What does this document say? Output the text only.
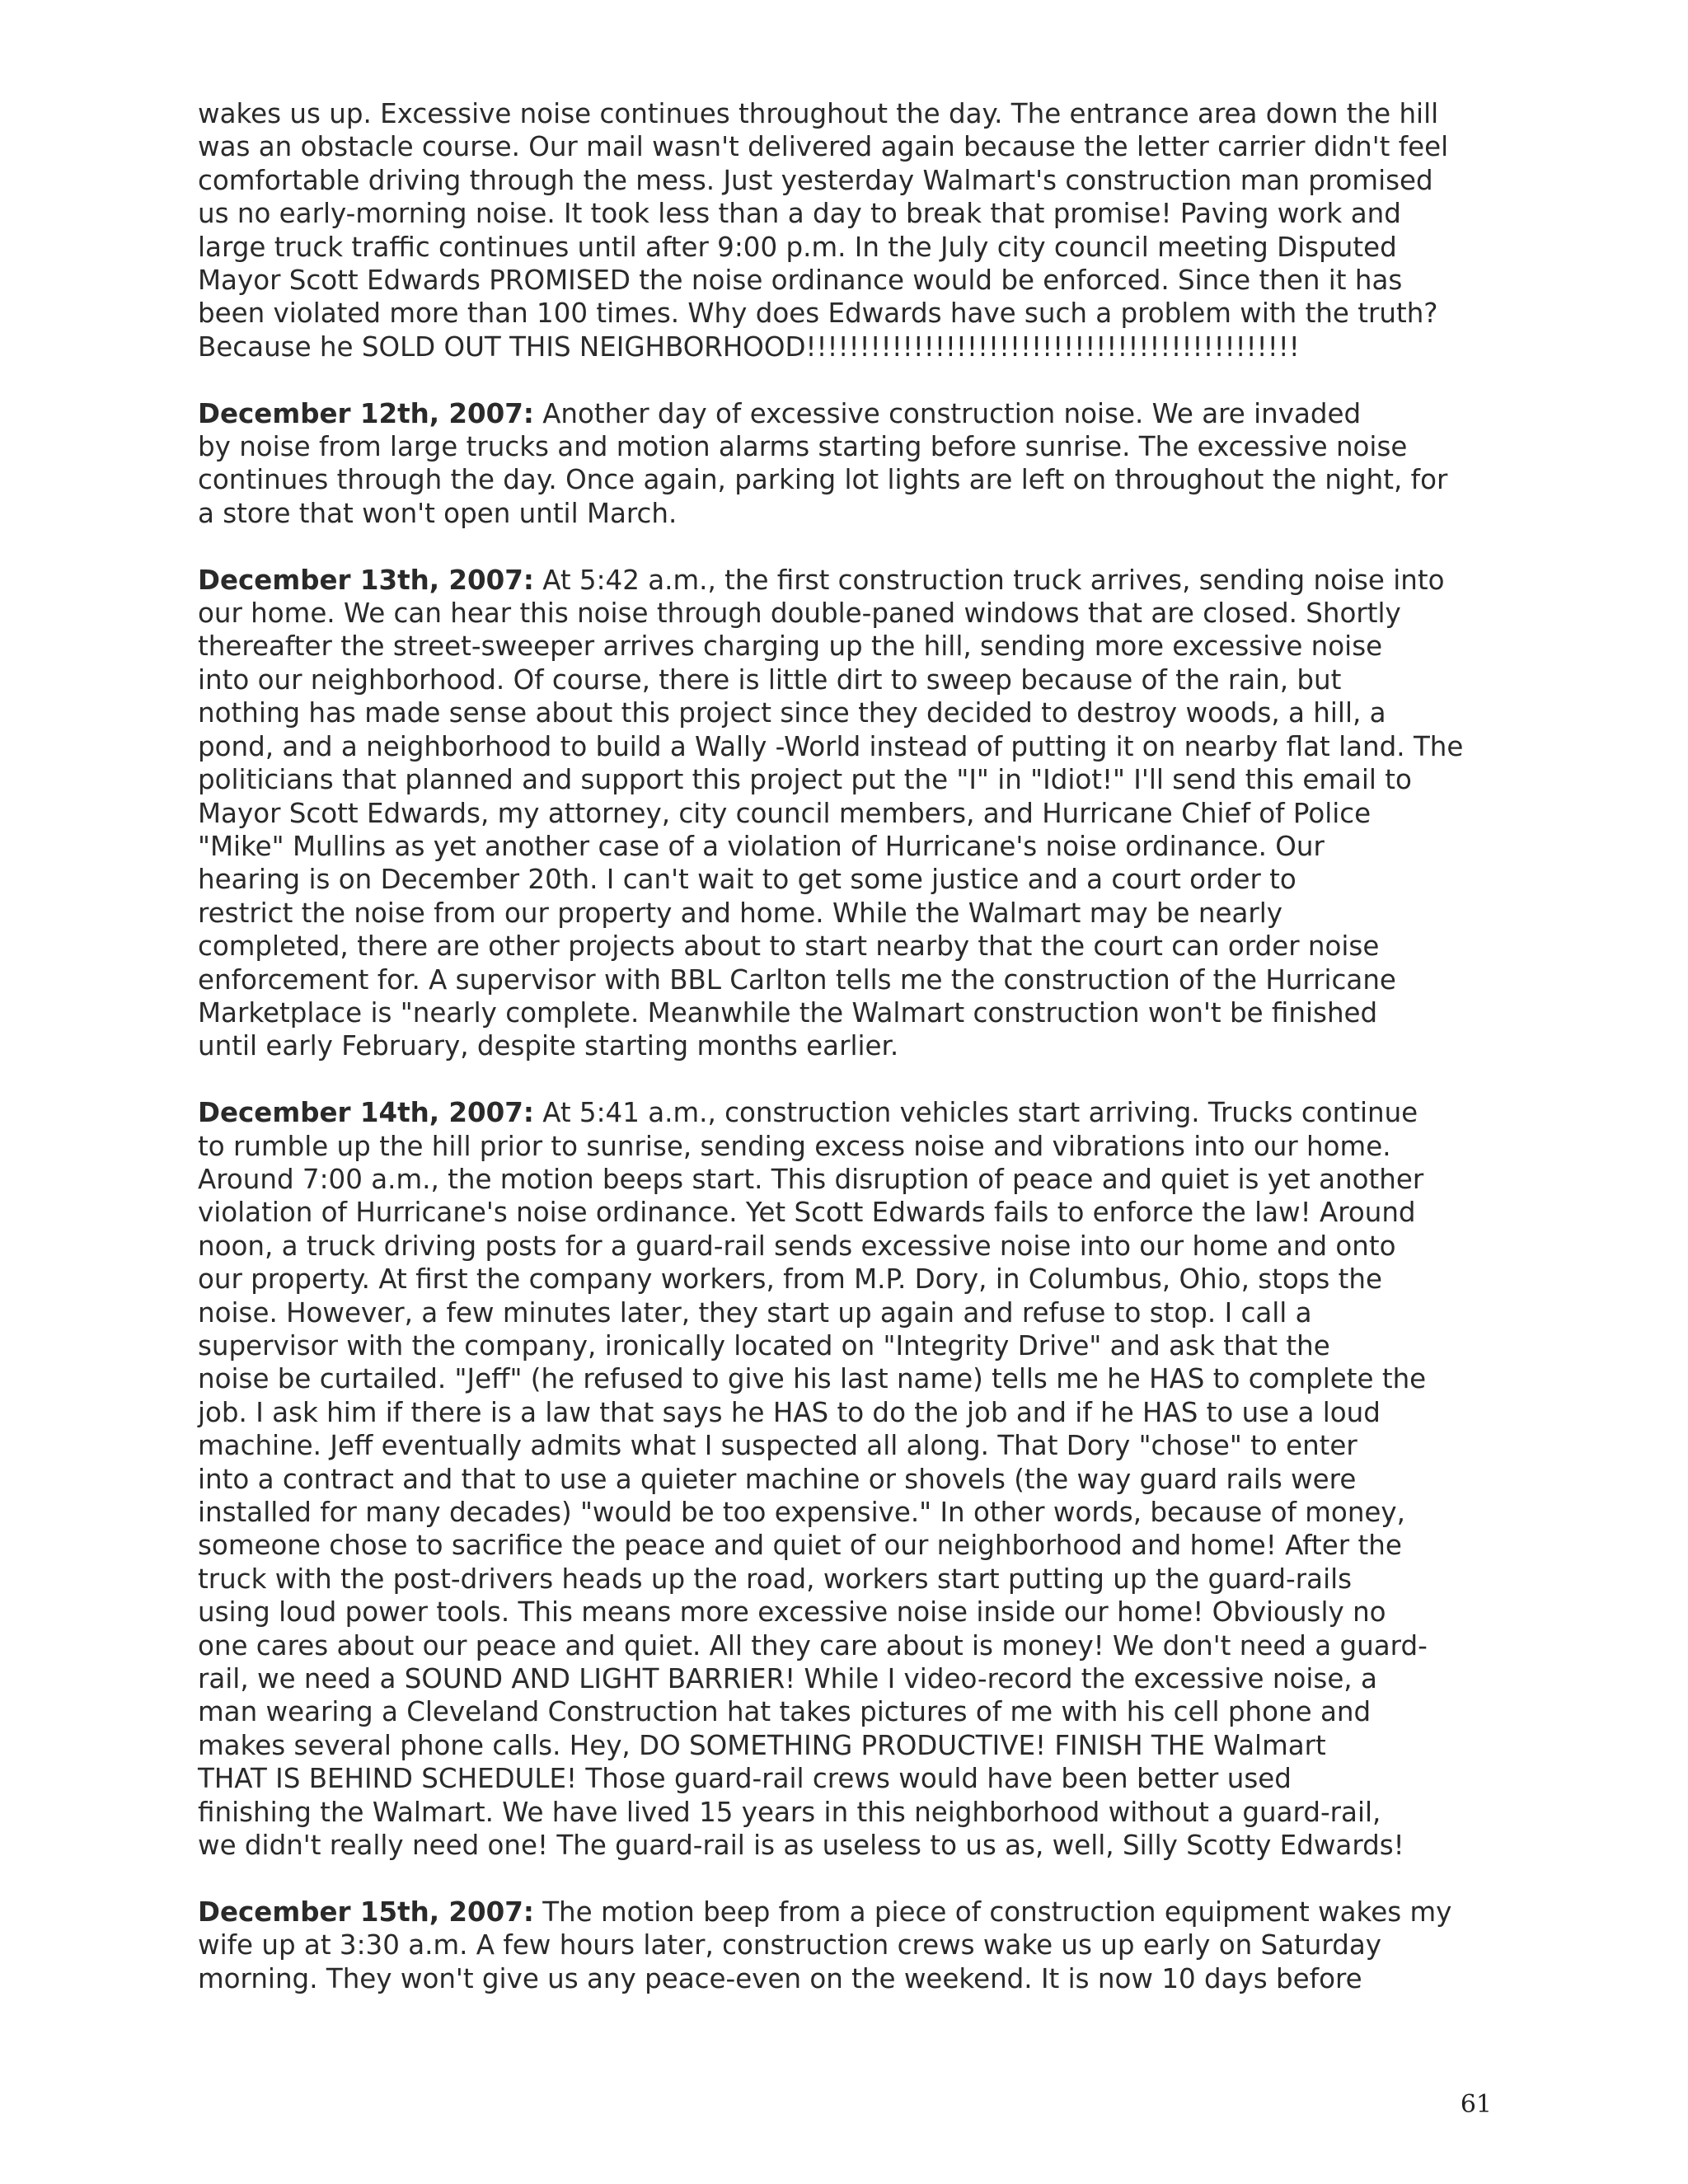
wakes us up. Excessive noise continues throughout the day. The entrance area down the hill
was an obstacle course. Our mail wasn't delivered again because the letter carrier didn't feel
comfortable driving through the mess. Just yesterday Walmart's construction man promised
us no early-morning noise. It took less than a day to break that promise! Paving work and
large truck traffic continues until after 9:00 p.m. In the July city council meeting Disputed
Mayor Scott Edwards PROMISED the noise ordinance would be enforced. Since then it has
been violated more than 100 times. Why does Edwards have such a problem with the truth?
Because he SOLD OUT THIS NEIGHBORHOOD!!!!!!!!!!!!!!!!!!!!!!!!!!!!!!!!!!!!!!!!!!!!!!

December 12th, 2007: Another day of excessive construction noise. We are invaded
by noise from large trucks and motion alarms starting before sunrise. The excessive noise
continues through the day. Once again, parking lot lights are left on throughout the night, for
a store that won't open until March.

December 13th, 2007: At 5:42 a.m., the first construction truck arrives, sending noise into
our home. We can hear this noise through double-paned windows that are closed. Shortly
thereafter the street-sweeper arrives charging up the hill, sending more excessive noise
into our neighborhood. Of course, there is little dirt to sweep because of the rain, but
nothing has made sense about this project since they decided to destroy woods, a hill, a
pond, and a neighborhood to build a Wally -World instead of putting it on nearby flat land. The
politicians that planned and support this project put the "I" in "Idiot!" I'll send this email to
Mayor Scott Edwards, my attorney, city council members, and Hurricane Chief of Police
"Mike" Mullins as yet another case of a violation of Hurricane's noise ordinance. Our
hearing is on December 20th. I can't wait to get some justice and a court order to
restrict the noise from our property and home. While the Walmart may be nearly
completed, there are other projects about to start nearby that the court can order noise
enforcement for. A supervisor with BBL Carlton tells me the construction of the Hurricane
Marketplace is "nearly complete. Meanwhile the Walmart construction won't be finished
until early February, despite starting months earlier.

December 14th, 2007: At 5:41 a.m., construction vehicles start arriving. Trucks continue
to rumble up the hill prior to sunrise, sending excess noise and vibrations into our home.
Around 7:00 a.m., the motion beeps start. This disruption of peace and quiet is yet another
violation of Hurricane's noise ordinance. Yet Scott Edwards fails to enforce the law! Around
noon, a truck driving posts for a guard-rail sends excessive noise into our home and onto
our property. At first the company workers, from M.P. Dory, in Columbus, Ohio, stops the
noise. However, a few minutes later, they start up again and refuse to stop. I call a
supervisor with the company, ironically located on "Integrity Drive" and ask that the
noise be curtailed. "Jeff" (he refused to give his last name) tells me he HAS to complete the
job. I ask him if there is a law that says he HAS to do the job and if he HAS to use a loud
machine. Jeff eventually admits what I suspected all along. That Dory "chose" to enter
into a contract and that to use a quieter machine or shovels (the way guard rails were
installed for many decades) "would be too expensive." In other words, because of money,
someone chose to sacrifice the peace and quiet of our neighborhood and home! After the
truck with the post-drivers heads up the road, workers start putting up the guard-rails
using loud power tools. This means more excessive noise inside our home! Obviously no
one cares about our peace and quiet. All they care about is money! We don't need a guard-
rail, we need a SOUND AND LIGHT BARRIER! While I video-record the excessive noise, a
man wearing a Cleveland Construction hat takes pictures of me with his cell phone and
makes several phone calls. Hey, DO SOMETHING PRODUCTIVE! FINISH THE Walmart
THAT IS BEHIND SCHEDULE! Those guard-rail crews would have been better used
finishing the Walmart. We have lived 15 years in this neighborhood without a guard-rail,
we didn't really need one! The guard-rail is as useless to us as, well, Silly Scotty Edwards!

December 15th, 2007: The motion beep from a piece of construction equipment wakes my
wife up at 3:30 a.m. A few hours later, construction crews wake us up early on Saturday
morning. They won't give us any peace-even on the weekend. It is now 10 days before

61
